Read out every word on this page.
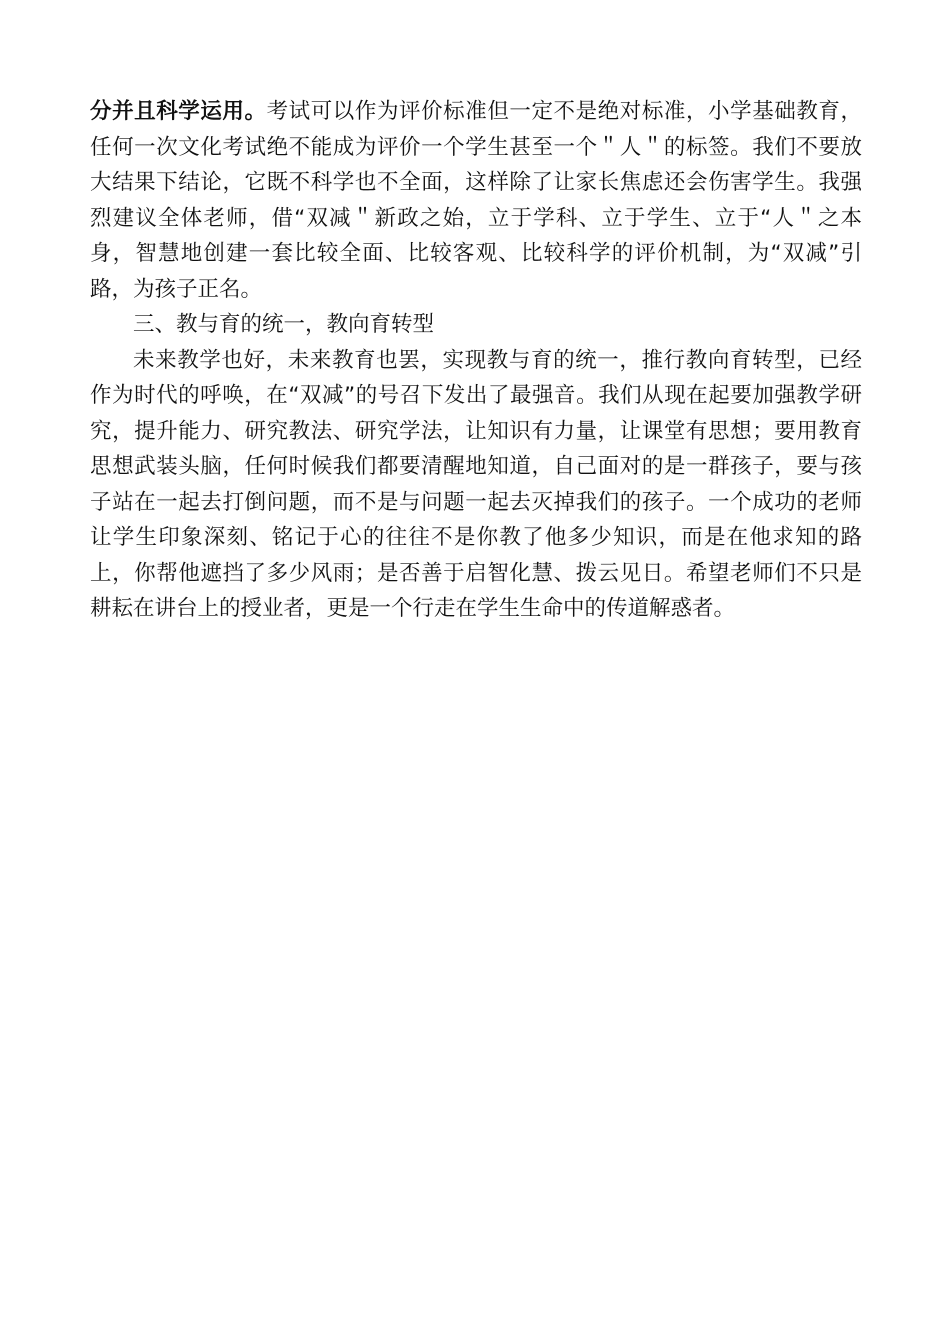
分并且科学运用。考试可以作为评价标准但一定不是绝对标准，小学基础教育，任何一次文化考试绝不能成为评价一个学生甚至一个＂人＂的标签。我们不要放大结果下结论，它既不科学也不全面，这样除了让家长焦虑还会伤害学生。我强烈建议全体老师，借“双减＂新政之始，立于学科、立于学生、立于“人＂之本身，智慧地创建一套比较全面、比较客观、比较科学的评价机制，为“双减”引路，为孩子正名。

三、教与育的统一，教向育转型

未来教学也好，未来教育也罢，实现教与育的统一，推行教向育转型，已经作为时代的呼唤，在“双减”的号召下发出了最强音。我们从现在起要加强教学研究，提升能力、研究教法、研究学法，让知识有力量，让课堂有思想；要用教育思想武装头脑，任何时候我们都要清醒地知道，自己面对的是一群孩子，要与孩子站在一起去打倒问题，而不是与问题一起去灭掉我们的孩子。一个成功的老师让学生印象深刻、铭记于心的往往不是你教了他多少知识，而是在他求知的路上，你帮他遮挡了多少风雨；是否善于启智化慧、拨云见日。希望老师们不只是耕耘在讲台上的授业者，更是一个行走在学生生命中的传道解惑者。
